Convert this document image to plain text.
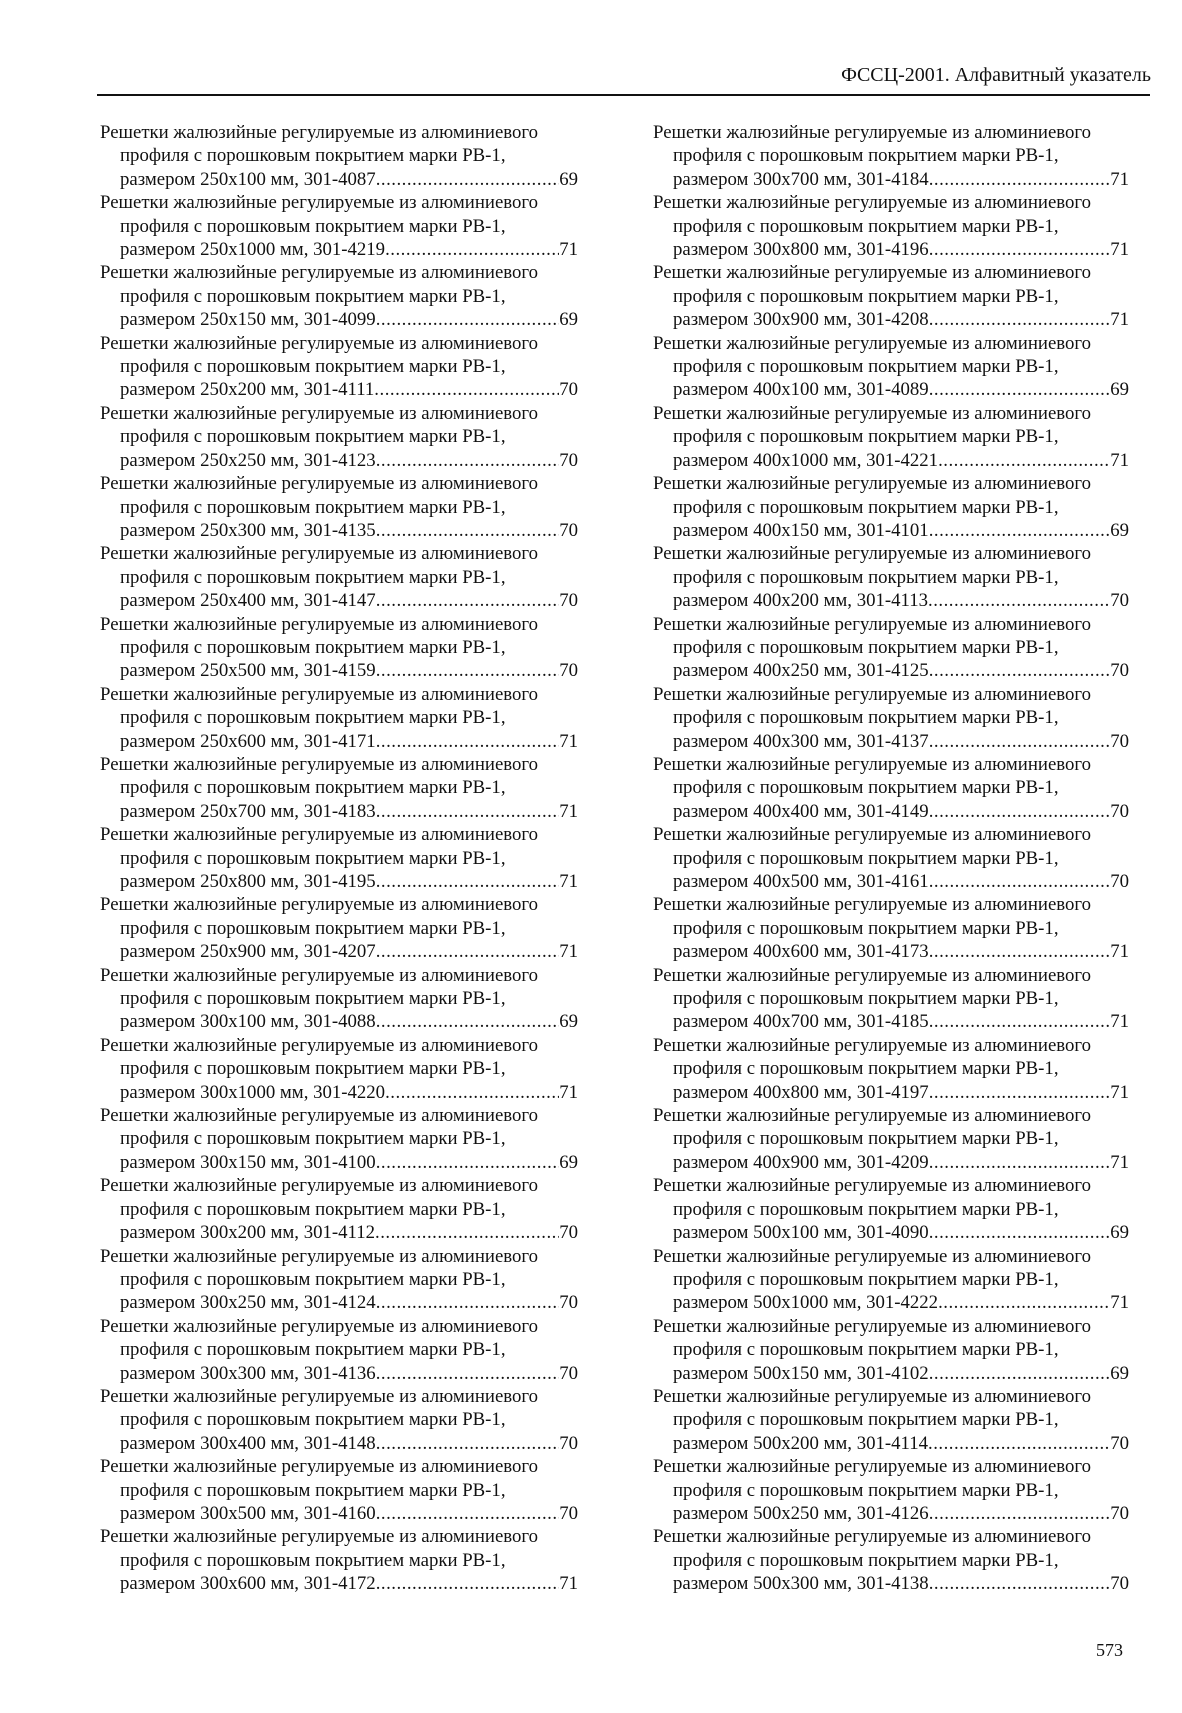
ФССЦ-2001. Алфавитный указатель
Решетки жалюзийные регулируемые из алюминиевого
профиля с порошковым покрытием марки РВ-1,
размером 250х100 мм, 301-4087 .....	69
Решетки жалюзийные регулируемые из алюминиевого
профиля с порошковым покрытием марки РВ-1,
размером 250х1000 мм, 301-4219 .....	71
Решетки жалюзийные регулируемые из алюминиевого
профиля с порошковым покрытием марки РВ-1,
размером 250х150 мм, 301-4099 .....	69
Решетки жалюзийные регулируемые из алюминиевого
профиля с порошковым покрытием марки РВ-1,
размером 250х200 мм, 301-4111 .....	70
Решетки жалюзийные регулируемые из алюминиевого
профиля с порошковым покрытием марки РВ-1,
размером 250х250 мм, 301-4123 .....	70
Решетки жалюзийные регулируемые из алюминиевого
профиля с порошковым покрытием марки РВ-1,
размером 250х300 мм, 301-4135 .....	70
Решетки жалюзийные регулируемые из алюминиевого
профиля с порошковым покрытием марки РВ-1,
размером 250х400 мм, 301-4147 .....	70
Решетки жалюзийные регулируемые из алюминиевого
профиля с порошковым покрытием марки РВ-1,
размером 250х500 мм, 301-4159 .....	70
Решетки жалюзийные регулируемые из алюминиевого
профиля с порошковым покрытием марки РВ-1,
размером 250х600 мм, 301-4171 .....	71
Решетки жалюзийные регулируемые из алюминиевого
профиля с порошковым покрытием марки РВ-1,
размером 250х700 мм, 301-4183 .....	71
Решетки жалюзийные регулируемые из алюминиевого
профиля с порошковым покрытием марки РВ-1,
размером 250х800 мм, 301-4195 .....	71
Решетки жалюзийные регулируемые из алюминиевого
профиля с порошковым покрытием марки РВ-1,
размером 250х900 мм, 301-4207 .....	71
Решетки жалюзийные регулируемые из алюминиевого
профиля с порошковым покрытием марки РВ-1,
размером 300х100 мм, 301-4088 .....	69
Решетки жалюзийные регулируемые из алюминиевого
профиля с порошковым покрытием марки РВ-1,
размером 300х1000 мм, 301-4220 .....	71
Решетки жалюзийные регулируемые из алюминиевого
профиля с порошковым покрытием марки РВ-1,
размером 300х150 мм, 301-4100 .....	69
Решетки жалюзийные регулируемые из алюминиевого
профиля с порошковым покрытием марки РВ-1,
размером 300х200 мм, 301-4112 .....	70
Решетки жалюзийные регулируемые из алюминиевого
профиля с порошковым покрытием марки РВ-1,
размером 300х250 мм, 301-4124 .....	70
Решетки жалюзийные регулируемые из алюминиевого
профиля с порошковым покрытием марки РВ-1,
размером 300х300 мм, 301-4136 .....	70
Решетки жалюзийные регулируемые из алюминиевого
профиля с порошковым покрытием марки РВ-1,
размером 300х400 мм, 301-4148 .....	70
Решетки жалюзийные регулируемые из алюминиевого
профиля с порошковым покрытием марки РВ-1,
размером 300х500 мм, 301-4160 .....	70
Решетки жалюзийные регулируемые из алюминиевого
профиля с порошковым покрытием марки РВ-1,
размером 300х600 мм, 301-4172 .....	71
Решетки жалюзийные регулируемые из алюминиевого
профиля с порошковым покрытием марки РВ-1,
размером 300х700 мм, 301-4184 .....	71
Решетки жалюзийные регулируемые из алюминиевого
профиля с порошковым покрытием марки РВ-1,
размером 300х800 мм, 301-4196 .....	71
Решетки жалюзийные регулируемые из алюминиевого
профиля с порошковым покрытием марки РВ-1,
размером 300х900 мм, 301-4208 .....	71
Решетки жалюзийные регулируемые из алюминиевого
профиля с порошковым покрытием марки РВ-1,
размером 400х100 мм, 301-4089 .....	69
Решетки жалюзийные регулируемые из алюминиевого
профиля с порошковым покрытием марки РВ-1,
размером 400х1000 мм, 301-4221 .....	71
Решетки жалюзийные регулируемые из алюминиевого
профиля с порошковым покрытием марки РВ-1,
размером 400х150 мм, 301-4101 .....	69
Решетки жалюзийные регулируемые из алюминиевого
профиля с порошковым покрытием марки РВ-1,
размером 400х200 мм, 301-4113 .....	70
Решетки жалюзийные регулируемые из алюминиевого
профиля с порошковым покрытием марки РВ-1,
размером 400х250 мм, 301-4125 .....	70
Решетки жалюзийные регулируемые из алюминиевого
профиля с порошковым покрытием марки РВ-1,
размером 400х300 мм, 301-4137 .....	70
Решетки жалюзийные регулируемые из алюминиевого
профиля с порошковым покрытием марки РВ-1,
размером 400х400 мм, 301-4149 .....	70
Решетки жалюзийные регулируемые из алюминиевого
профиля с порошковым покрытием марки РВ-1,
размером 400х500 мм, 301-4161 .....	70
Решетки жалюзийные регулируемые из алюминиевого
профиля с порошковым покрытием марки РВ-1,
размером 400х600 мм, 301-4173 .....	71
Решетки жалюзийные регулируемые из алюминиевого
профиля с порошковым покрытием марки РВ-1,
размером 400х700 мм, 301-4185 .....	71
Решетки жалюзийные регулируемые из алюминиевого
профиля с порошковым покрытием марки РВ-1,
размером 400х800 мм, 301-4197 .....	71
Решетки жалюзийные регулируемые из алюминиевого
профиля с порошковым покрытием марки РВ-1,
размером 400х900 мм, 301-4209 .....	71
Решетки жалюзийные регулируемые из алюминиевого
профиля с порошковым покрытием марки РВ-1,
размером 500х100 мм, 301-4090 .....	69
Решетки жалюзийные регулируемые из алюминиевого
профиля с порошковым покрытием марки РВ-1,
размером 500х1000 мм, 301-4222 .....	71
Решетки жалюзийные регулируемые из алюминиевого
профиля с порошковым покрытием марки РВ-1,
размером 500х150 мм, 301-4102 .....	69
Решетки жалюзийные регулируемые из алюминиевого
профиля с порошковым покрытием марки РВ-1,
размером 500х200 мм, 301-4114 .....	70
Решетки жалюзийные регулируемые из алюминиевого
профиля с порошковым покрытием марки РВ-1,
размером 500х250 мм, 301-4126 .....	70
Решетки жалюзийные регулируемые из алюминиевого
профиля с порошковым покрытием марки РВ-1,
размером 500х300 мм, 301-4138 .....	70
573
